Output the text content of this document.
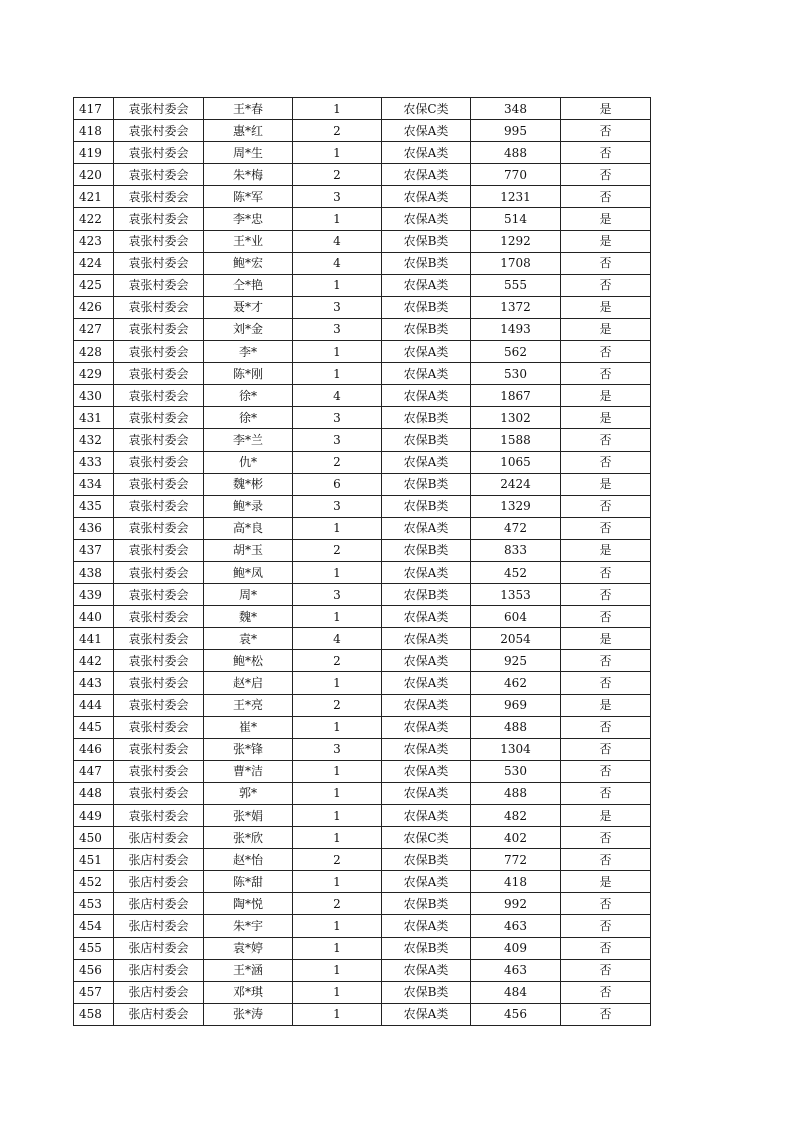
417	袁张村委会	王*春	1	农保C类	348	是
418	袁张村委会	惠*红	2	农保A类	995	否
419	袁张村委会	周*生	1	农保A类	488	否
420	袁张村委会	朱*梅	2	农保A类	770	否
421	袁张村委会	陈*军	3	农保A类	1231	否
422	袁张村委会	李*忠	1	农保A类	514	是
423	袁张村委会	王*业	4	农保B类	1292	是
424	袁张村委会	鲍*宏	4	农保B类	1708	否
425	袁张村委会	仝*艳	1	农保A类	555	否
426	袁张村委会	聂*才	3	农保B类	1372	是
427	袁张村委会	刘*金	3	农保B类	1493	是
428	袁张村委会	李*	1	农保A类	562	否
429	袁张村委会	陈*刚	1	农保A类	530	否
430	袁张村委会	徐*	4	农保A类	1867	是
431	袁张村委会	徐*	3	农保B类	1302	是
432	袁张村委会	李*兰	3	农保B类	1588	否
433	袁张村委会	仇*	2	农保A类	1065	否
434	袁张村委会	魏*彬	6	农保B类	2424	是
435	袁张村委会	鲍*录	3	农保B类	1329	否
436	袁张村委会	高*良	1	农保A类	472	否
437	袁张村委会	胡*玉	2	农保B类	833	是
438	袁张村委会	鲍*凤	1	农保A类	452	否
439	袁张村委会	周*	3	农保B类	1353	否
440	袁张村委会	魏*	1	农保A类	604	否
441	袁张村委会	袁*	4	农保A类	2054	是
442	袁张村委会	鲍*松	2	农保A类	925	否
443	袁张村委会	赵*启	1	农保A类	462	否
444	袁张村委会	王*亮	2	农保A类	969	是
445	袁张村委会	崔*	1	农保A类	488	否
446	袁张村委会	张*锋	3	农保A类	1304	否
447	袁张村委会	曹*洁	1	农保A类	530	否
448	袁张村委会	郭*	1	农保A类	488	否
449	袁张村委会	张*娟	1	农保A类	482	是
450	张店村委会	张*欣	1	农保C类	402	否
451	张店村委会	赵*怡	2	农保B类	772	否
452	张店村委会	陈*甜	1	农保A类	418	是
453	张店村委会	陶*悦	2	农保B类	992	否
454	张店村委会	朱*宇	1	农保A类	463	否
455	张店村委会	袁*婷	1	农保B类	409	否
456	张店村委会	王*涵	1	农保A类	463	否
457	张店村委会	邓*琪	1	农保B类	484	否
458	张店村委会	张*涛	1	农保A类	456	否
